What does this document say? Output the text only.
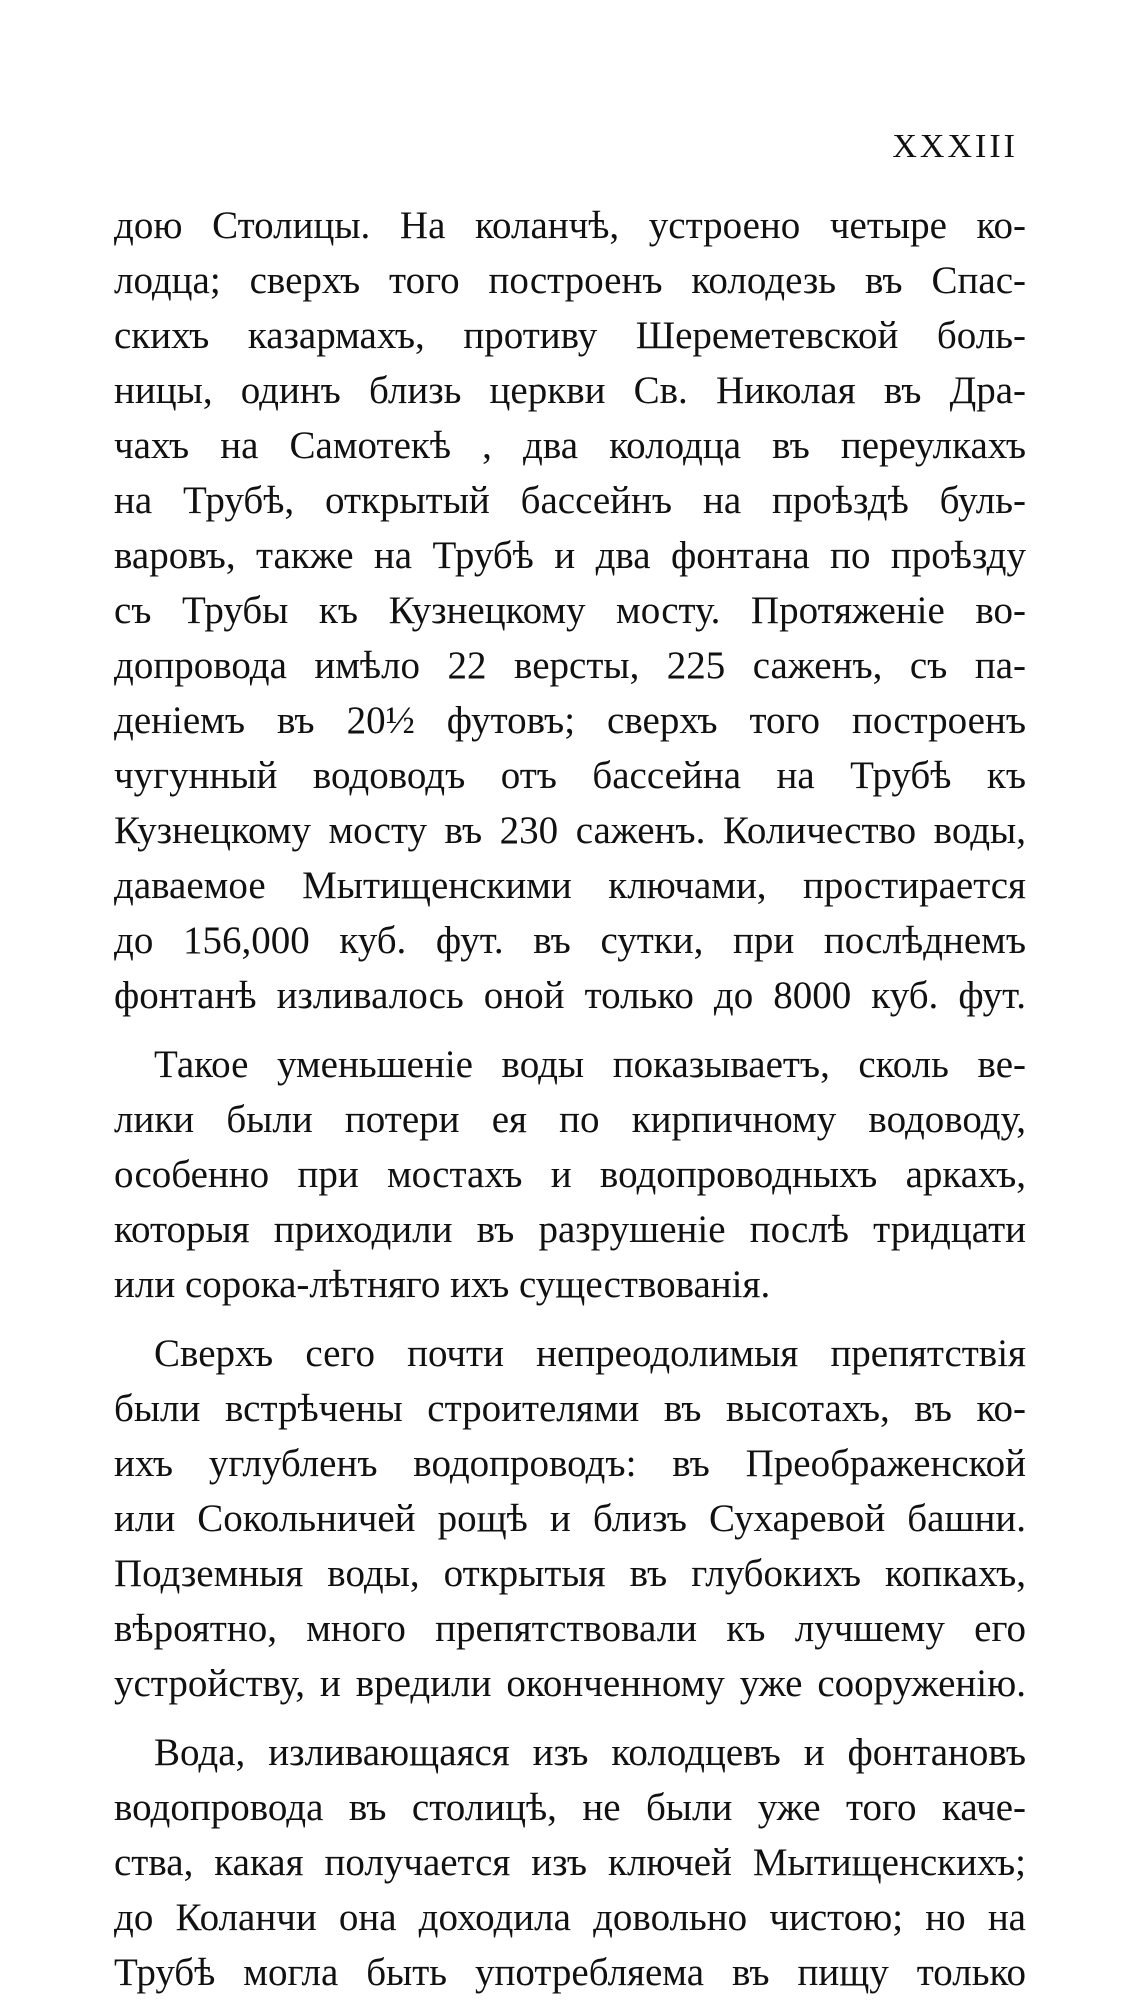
XXXIII
дою Столицы. На коланчѣ, устроено четыре ко-
лодца; сверхъ того построенъ колодезь въ Спас-
скихъ казармахъ, противу Шереметевской боль-
ницы, одинъ близь церкви Св. Николая въ Дра-
чахъ на Самотекѣ , два колодца въ переулкахъ
на Трубѣ, открытый бассейнъ на проѣздѣ буль-
варовъ, также на Трубѣ и два фонтана по проѣзду
съ Трубы къ Кузнецкому мосту. Протяженіе во-
допровода имѣло 22 версты, 225 саженъ, съ па-
деніемъ въ 20½ футовъ; сверхъ того построенъ
чугунный водоводъ отъ бассейна на Трубѣ къ
Кузнецкому мосту въ 230 саженъ. Количество воды,
даваемое Мытищенскими ключами, простирается
до 156,000 куб. фут. въ сутки, при послѣднемъ
фонтанѣ изливалось оной только до 8000 куб. фут.
Такое уменьшеніе воды показываетъ, сколь ве-
лики были потери ея по кирпичному водоводу,
особенно при мостахъ и водопроводныхъ аркахъ,
которыя приходили въ разрушеніе послѣ тридцати
или сорока-лѣтняго ихъ существованія.
Сверхъ сего почти непреодолимыя препятствія
были встрѣчены строителями въ высотахъ, въ ко-
ихъ углубленъ водопроводъ: въ Преображенской
или Сокольничей рощѣ и близъ Сухаревой башни.
Подземныя воды, открытыя въ глубокихъ копкахъ,
вѣроятно, много препятствовали къ лучшему его
устройству, и вредили оконченному уже сооруженію.
Вода, изливающаяся изъ колодцевъ и фонтановъ
водопровода въ столицѣ, не были уже того каче-
ства, какая получается изъ ключей Мытищенскихъ;
до Коланчи она доходила довольно чистою; но на
Трубѣ могла быть употребляема въ пищу только
